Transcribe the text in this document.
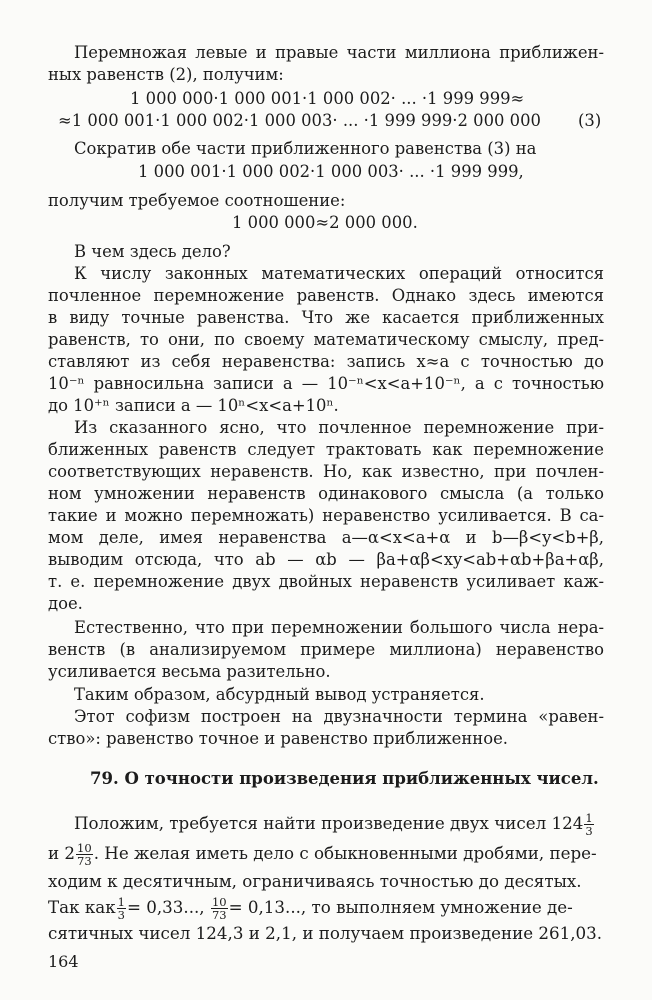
Перемножая левые и правые части миллиона приближен-
ных равенств (2), получим:
1 000 000·1 000 001·1 000 002· ... ·1 999 999≈
≈1 000 001·1 000 002·1 000 003· ... ·1 999 999·2 000 000 (3)
Сократив обе части приближенного равенства (3) на
1 000 001·1 000 002·1 000 003· ... ·1 999 999,
получим требуемое соотношение:
1 000 000≈2 000 000.
В чем здесь дело?
К числу законных математических операций относится
почленное перемножение равенств. Однако здесь имеются
в виду точные равенства. Что же касается приближенных
равенств, то они, по своему математическому смыслу, пред-
ставляют из себя неравенства: запись x≈a с точностью до
10⁻ⁿ равносильна записи a — 10⁻ⁿ<x<a+10⁻ⁿ, а с точностью
до 10⁺ⁿ записи a — 10ⁿ<x<a+10ⁿ.
Из сказанного ясно, что почленное перемножение при-
ближенных равенств следует трактовать как перемножение
соответствующих неравенств. Но, как известно, при почлен-
ном умножении неравенств одинакового смысла (а только
такие и можно перемножать) неравенство усиливается. В са-
мом деле, имея неравенства a—α<x<a+α и b—β<y<b+β,
выводим отсюда, что ab — αb — βa+αβ<xy<ab+αb+βa+αβ,
т. е. перемножение двух двойных неравенств усиливает каж-
дое.
Естественно, что при перемножении большого числа нера-
венств (в анализируемом примере миллиона) неравенство
усиливается весьма разительно.
Таким образом, абсурдный вывод устраняется.
Этот софизм построен на двузначности термина «равен-
ство»: равенство точное и равенство приближенное.
79. О точности произведения приближенных чисел.
Положим, требуется найти произведение двух чисел $124 \frac{1}{3}$
и $2 \frac{10}{73}$ . Не желая иметь дело с обыкновенными дробями, пере-
ходим к десятичным, ограничиваясь точностью до десятых.
Так как $\frac{1}{3} = 0,33$..., $\frac{10}{73} = 0,13$..., то выполняем умножение де-
сятичных чисел 124,3 и 2,1, и получаем произведение 261,03.
164
